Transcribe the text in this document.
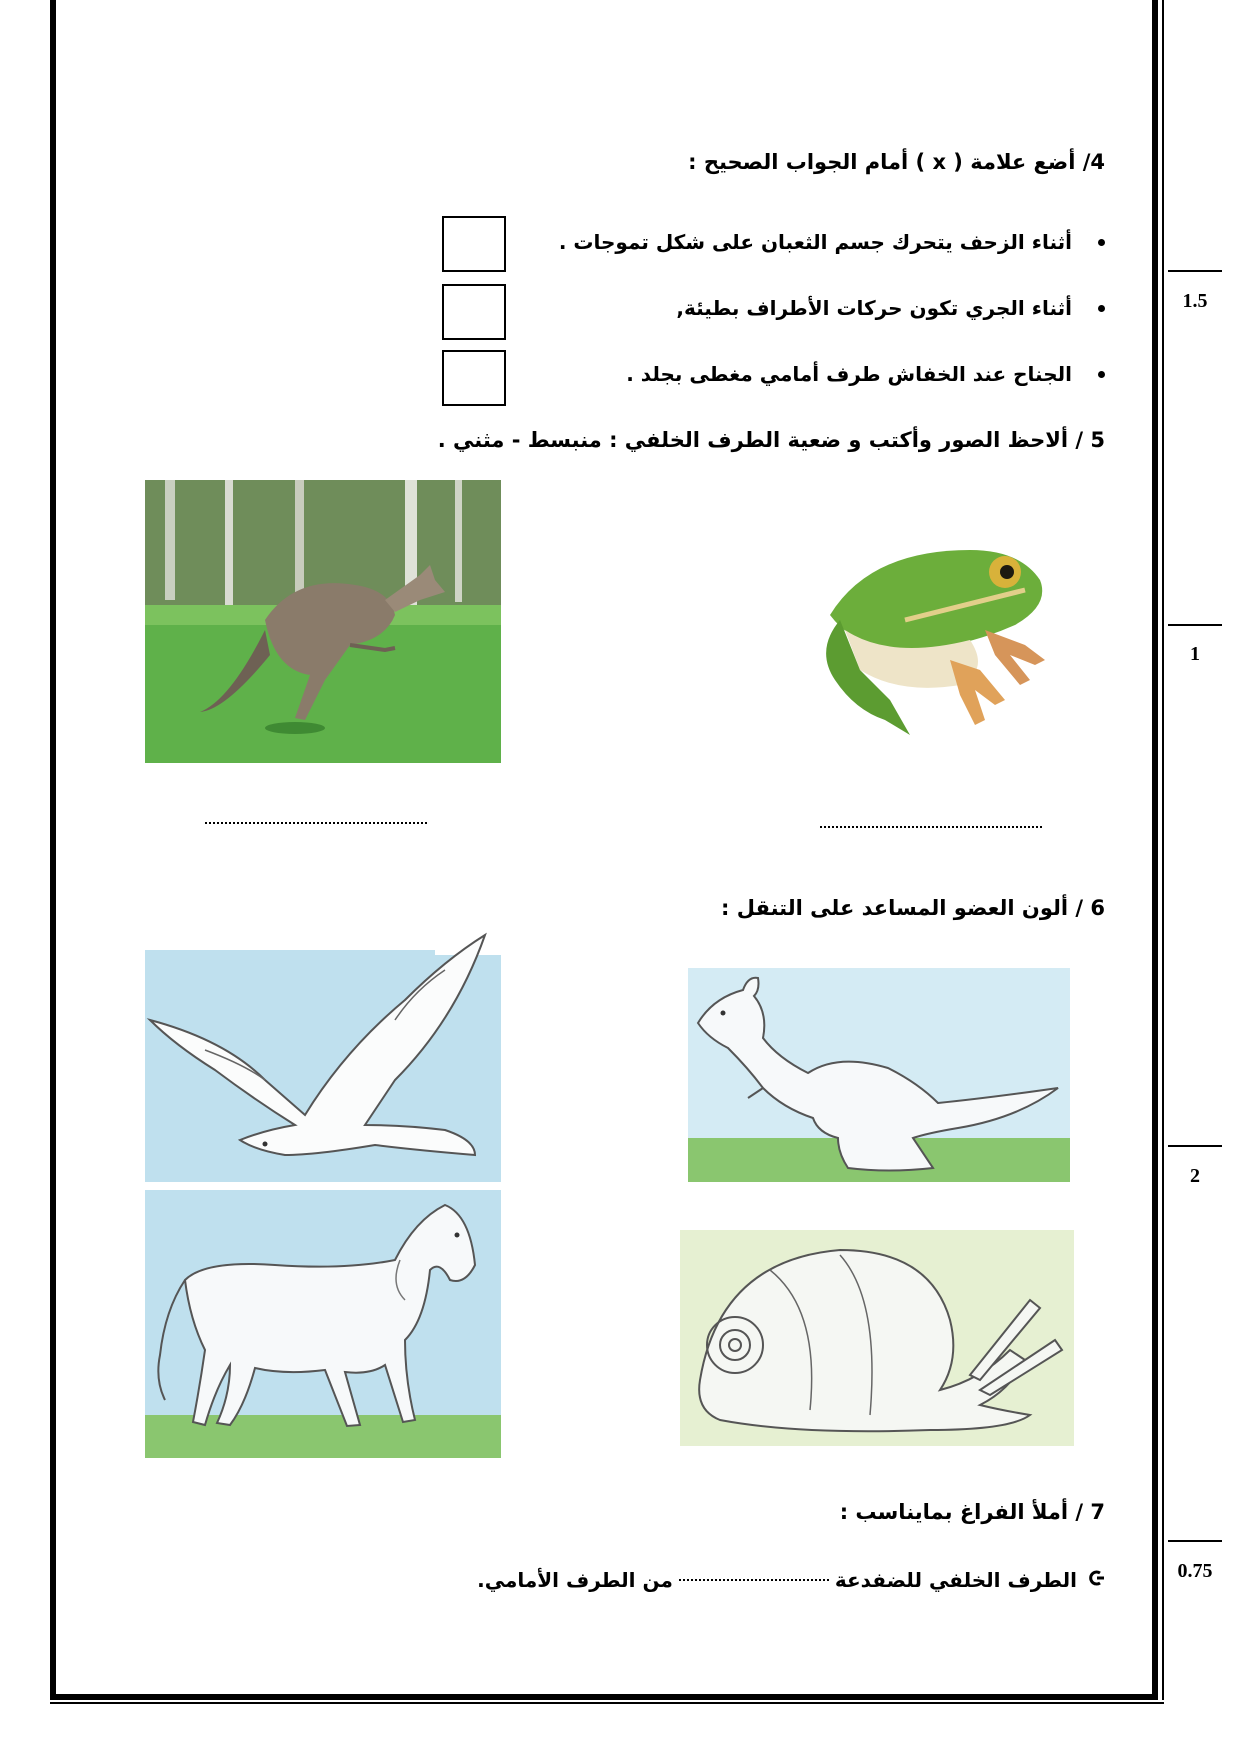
1.5
1
2
0.75
4/ أضع علامة ( x ) أمام الجواب الصحيح :
أثناء الزحف يتحرك جسم الثعبان على شكل تموجات .
أثناء الجري تكون حركات الأطراف بطيئة,
الجناح عند الخفاش طرف أمامي مغطى بجلد .
5 / ألاحظ الصور وأكتب و ضعية الطرف الخلفي : منبسط - مثني .
6 / ألون العضو المساعد على التنقل :
7 / أملأ الفراغ بمايناسب :
الطرف الخلفي للضفدعة
من الطرف الأمامي.
